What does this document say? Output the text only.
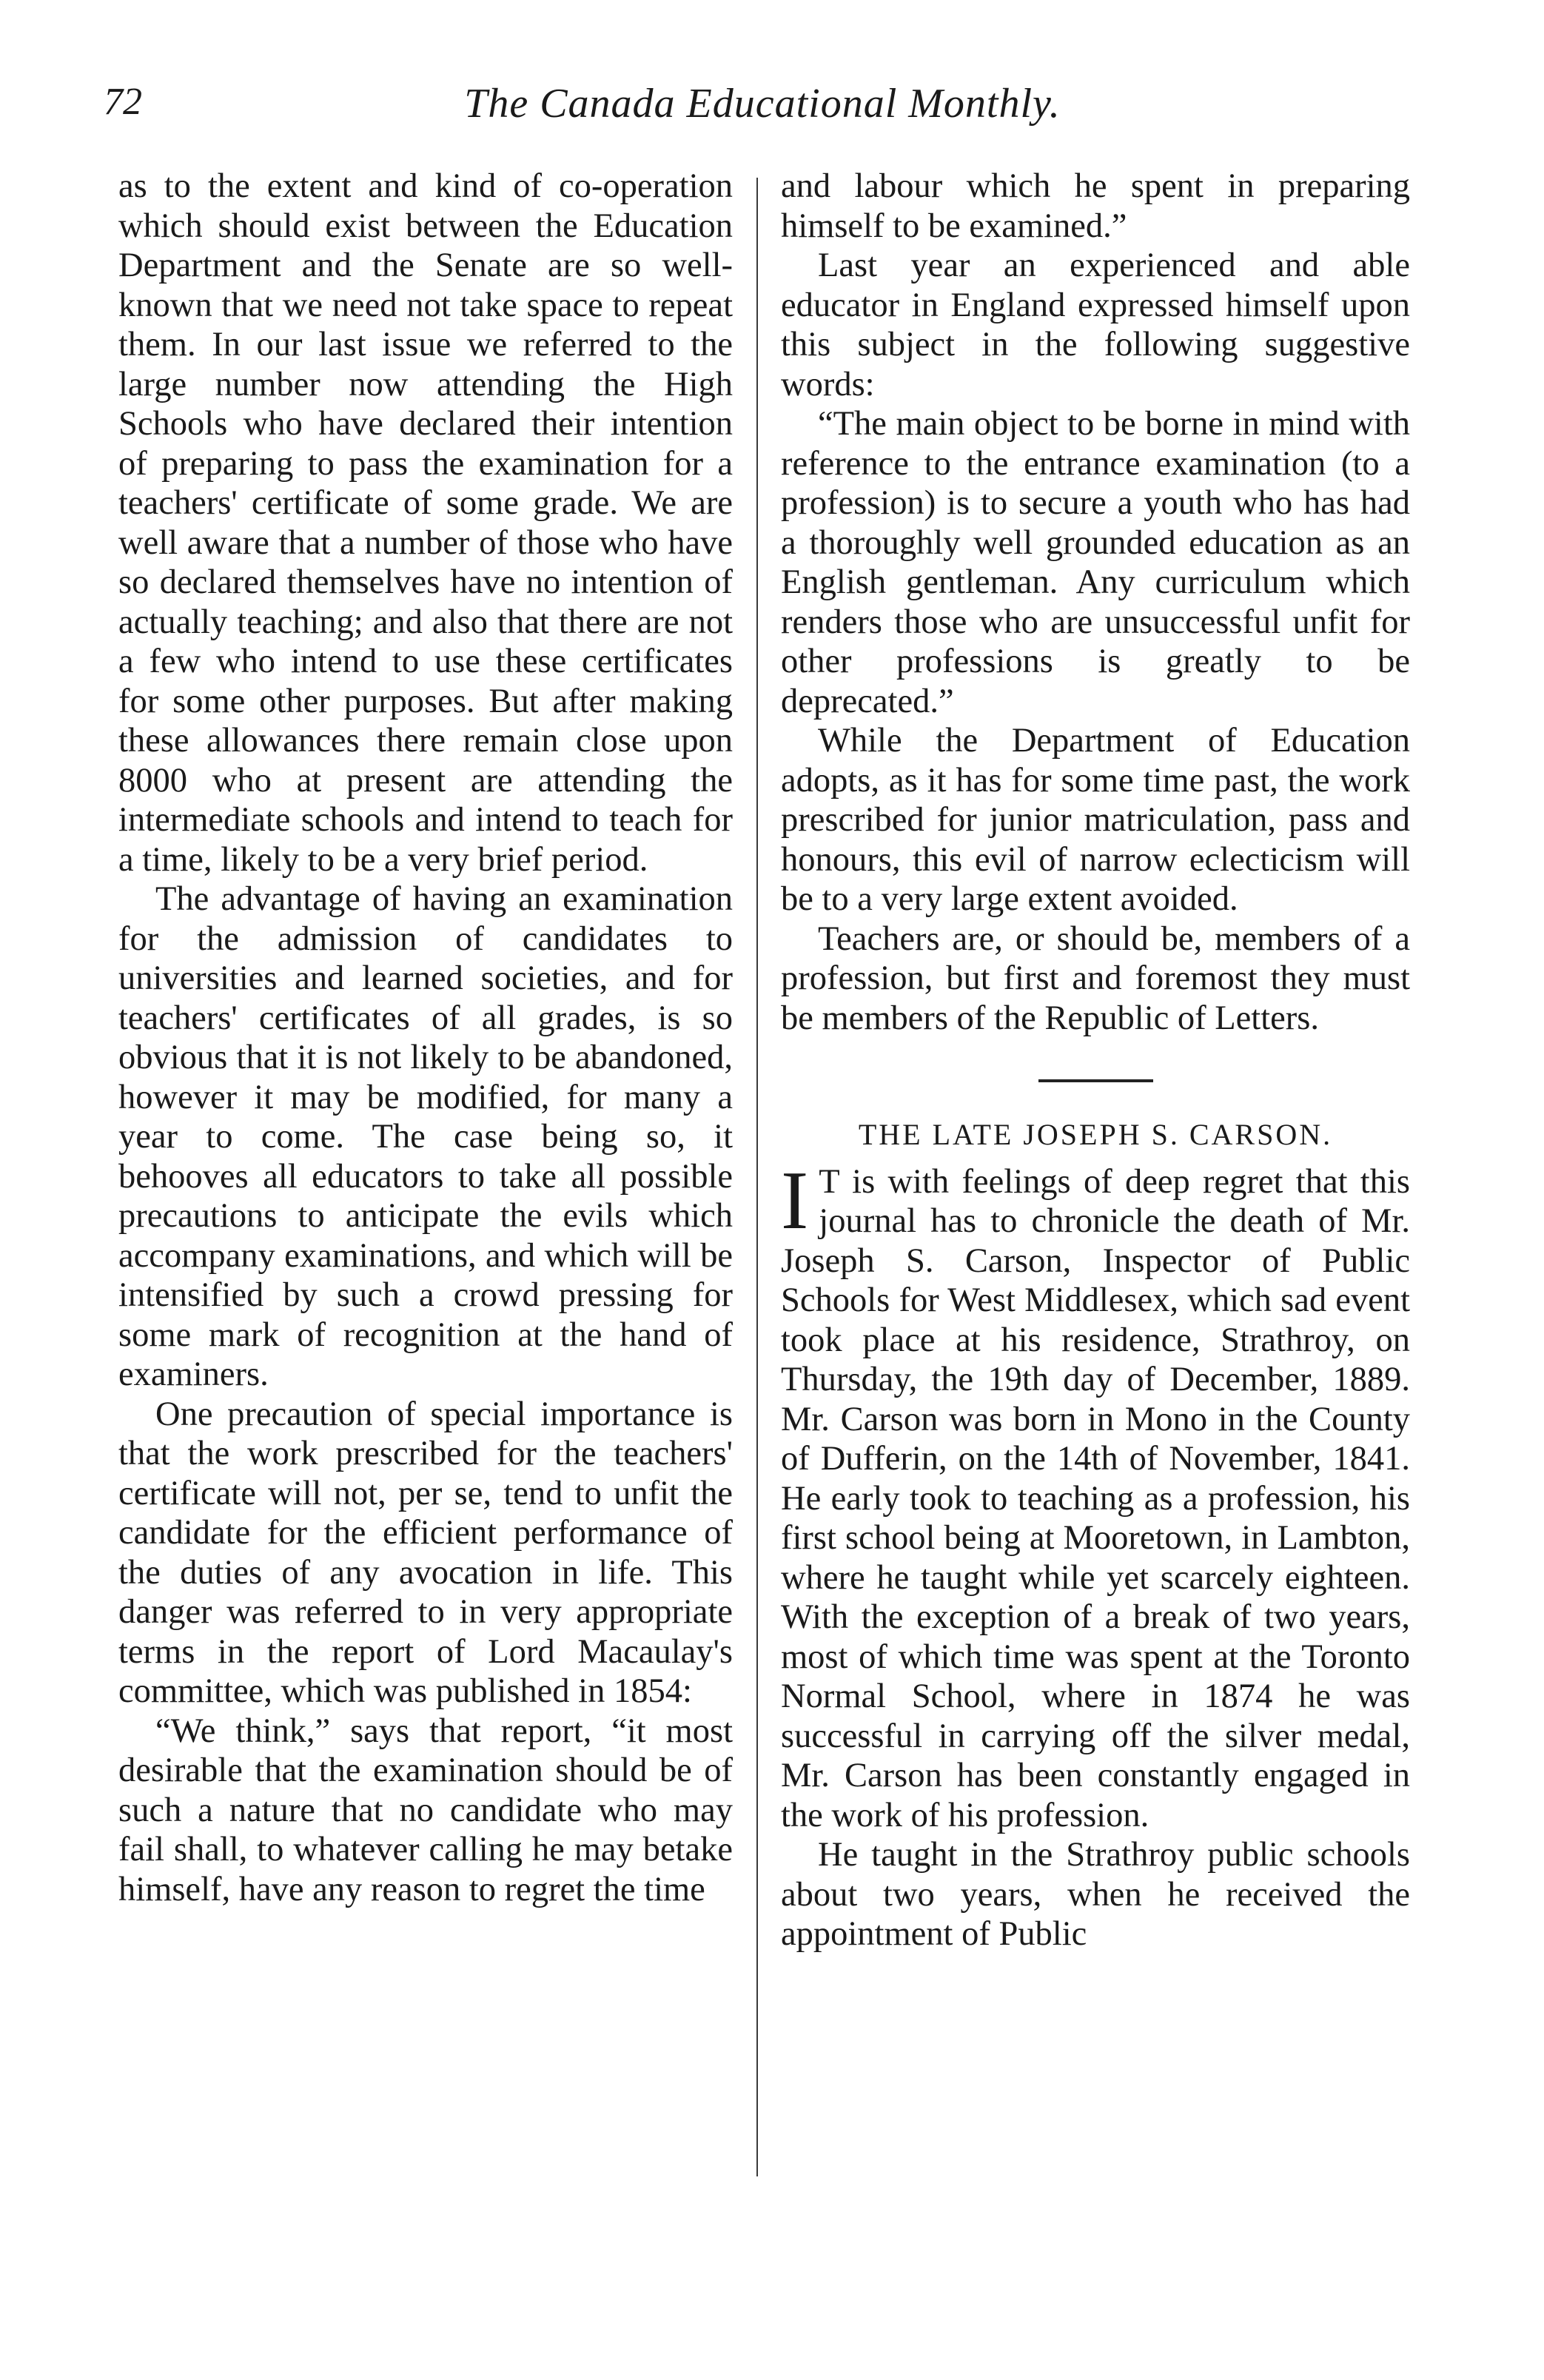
72	The Canada Educational Monthly.

as to the extent and kind of co-operation which should exist between the Education Department and the Senate are so well-known that we need not take space to repeat them. In our last issue we referred to the large number now attending the High Schools who have declared their intention of preparing to pass the examination for a teachers' certificate of some grade. We are well aware that a number of those who have so declared themselves have no intention of actually teaching; and also that there are not a few who intend to use these certificates for some other purposes. But after making these allowances there remain close upon 8000 who at present are attending the intermediate schools and intend to teach for a time, likely to be a very brief period.

The advantage of having an examination for the admission of candidates to universities and learned societies, and for teachers' certificates of all grades, is so obvious that it is not likely to be abandoned, however it may be modified, for many a year to come. The case being so, it behooves all educators to take all possible precautions to anticipate the evils which accompany examinations, and which will be intensified by such a crowd pressing for some mark of recognition at the hand of examiners.

One precaution of special importance is that the work prescribed for the teachers' certificate will not, per se, tend to unfit the candidate for the efficient performance of the duties of any avocation in life. This danger was referred to in very appropriate terms in the report of Lord Macaulay's committee, which was published in 1854:

“We think,” says that report, “it most desirable that the examination should be of such a nature that no candidate who may fail shall, to whatever calling he may betake himself, have any reason to regret the time

and labour which he spent in preparing himself to be examined.”

Last year an experienced and able educator in England expressed himself upon this subject in the following suggestive words:

“The main object to be borne in mind with reference to the entrance examination (to a profession) is to secure a youth who has had a thoroughly well grounded education as an English gentleman. Any curriculum which renders those who are unsuccessful unfit for other professions is greatly to be deprecated.”

While the Department of Education adopts, as it has for some time past, the work prescribed for junior matriculation, pass and honours, this evil of narrow eclecticism will be to a very large extent avoided.

Teachers are, or should be, members of a profession, but first and foremost they must be members of the Republic of Letters.

THE LATE JOSEPH S. CARSON.

I T is with feelings of deep regret that this journal has to chronicle the death of Mr. Joseph S. Carson, Inspector of Public Schools for West Middlesex, which sad event took place at his residence, Strathroy, on Thursday, the 19th day of December, 1889. Mr. Carson was born in Mono in the County of Dufferin, on the 14th of November, 1841. He early took to teaching as a profession, his first school being at Mooretown, in Lambton, where he taught while yet scarcely eighteen. With the exception of a break of two years, most of which time was spent at the Toronto Normal School, where in 1874 he was successful in carrying off the silver medal, Mr. Carson has been constantly engaged in the work of his profession.

He taught in the Strathroy public schools about two years, when he received the appointment of Public
